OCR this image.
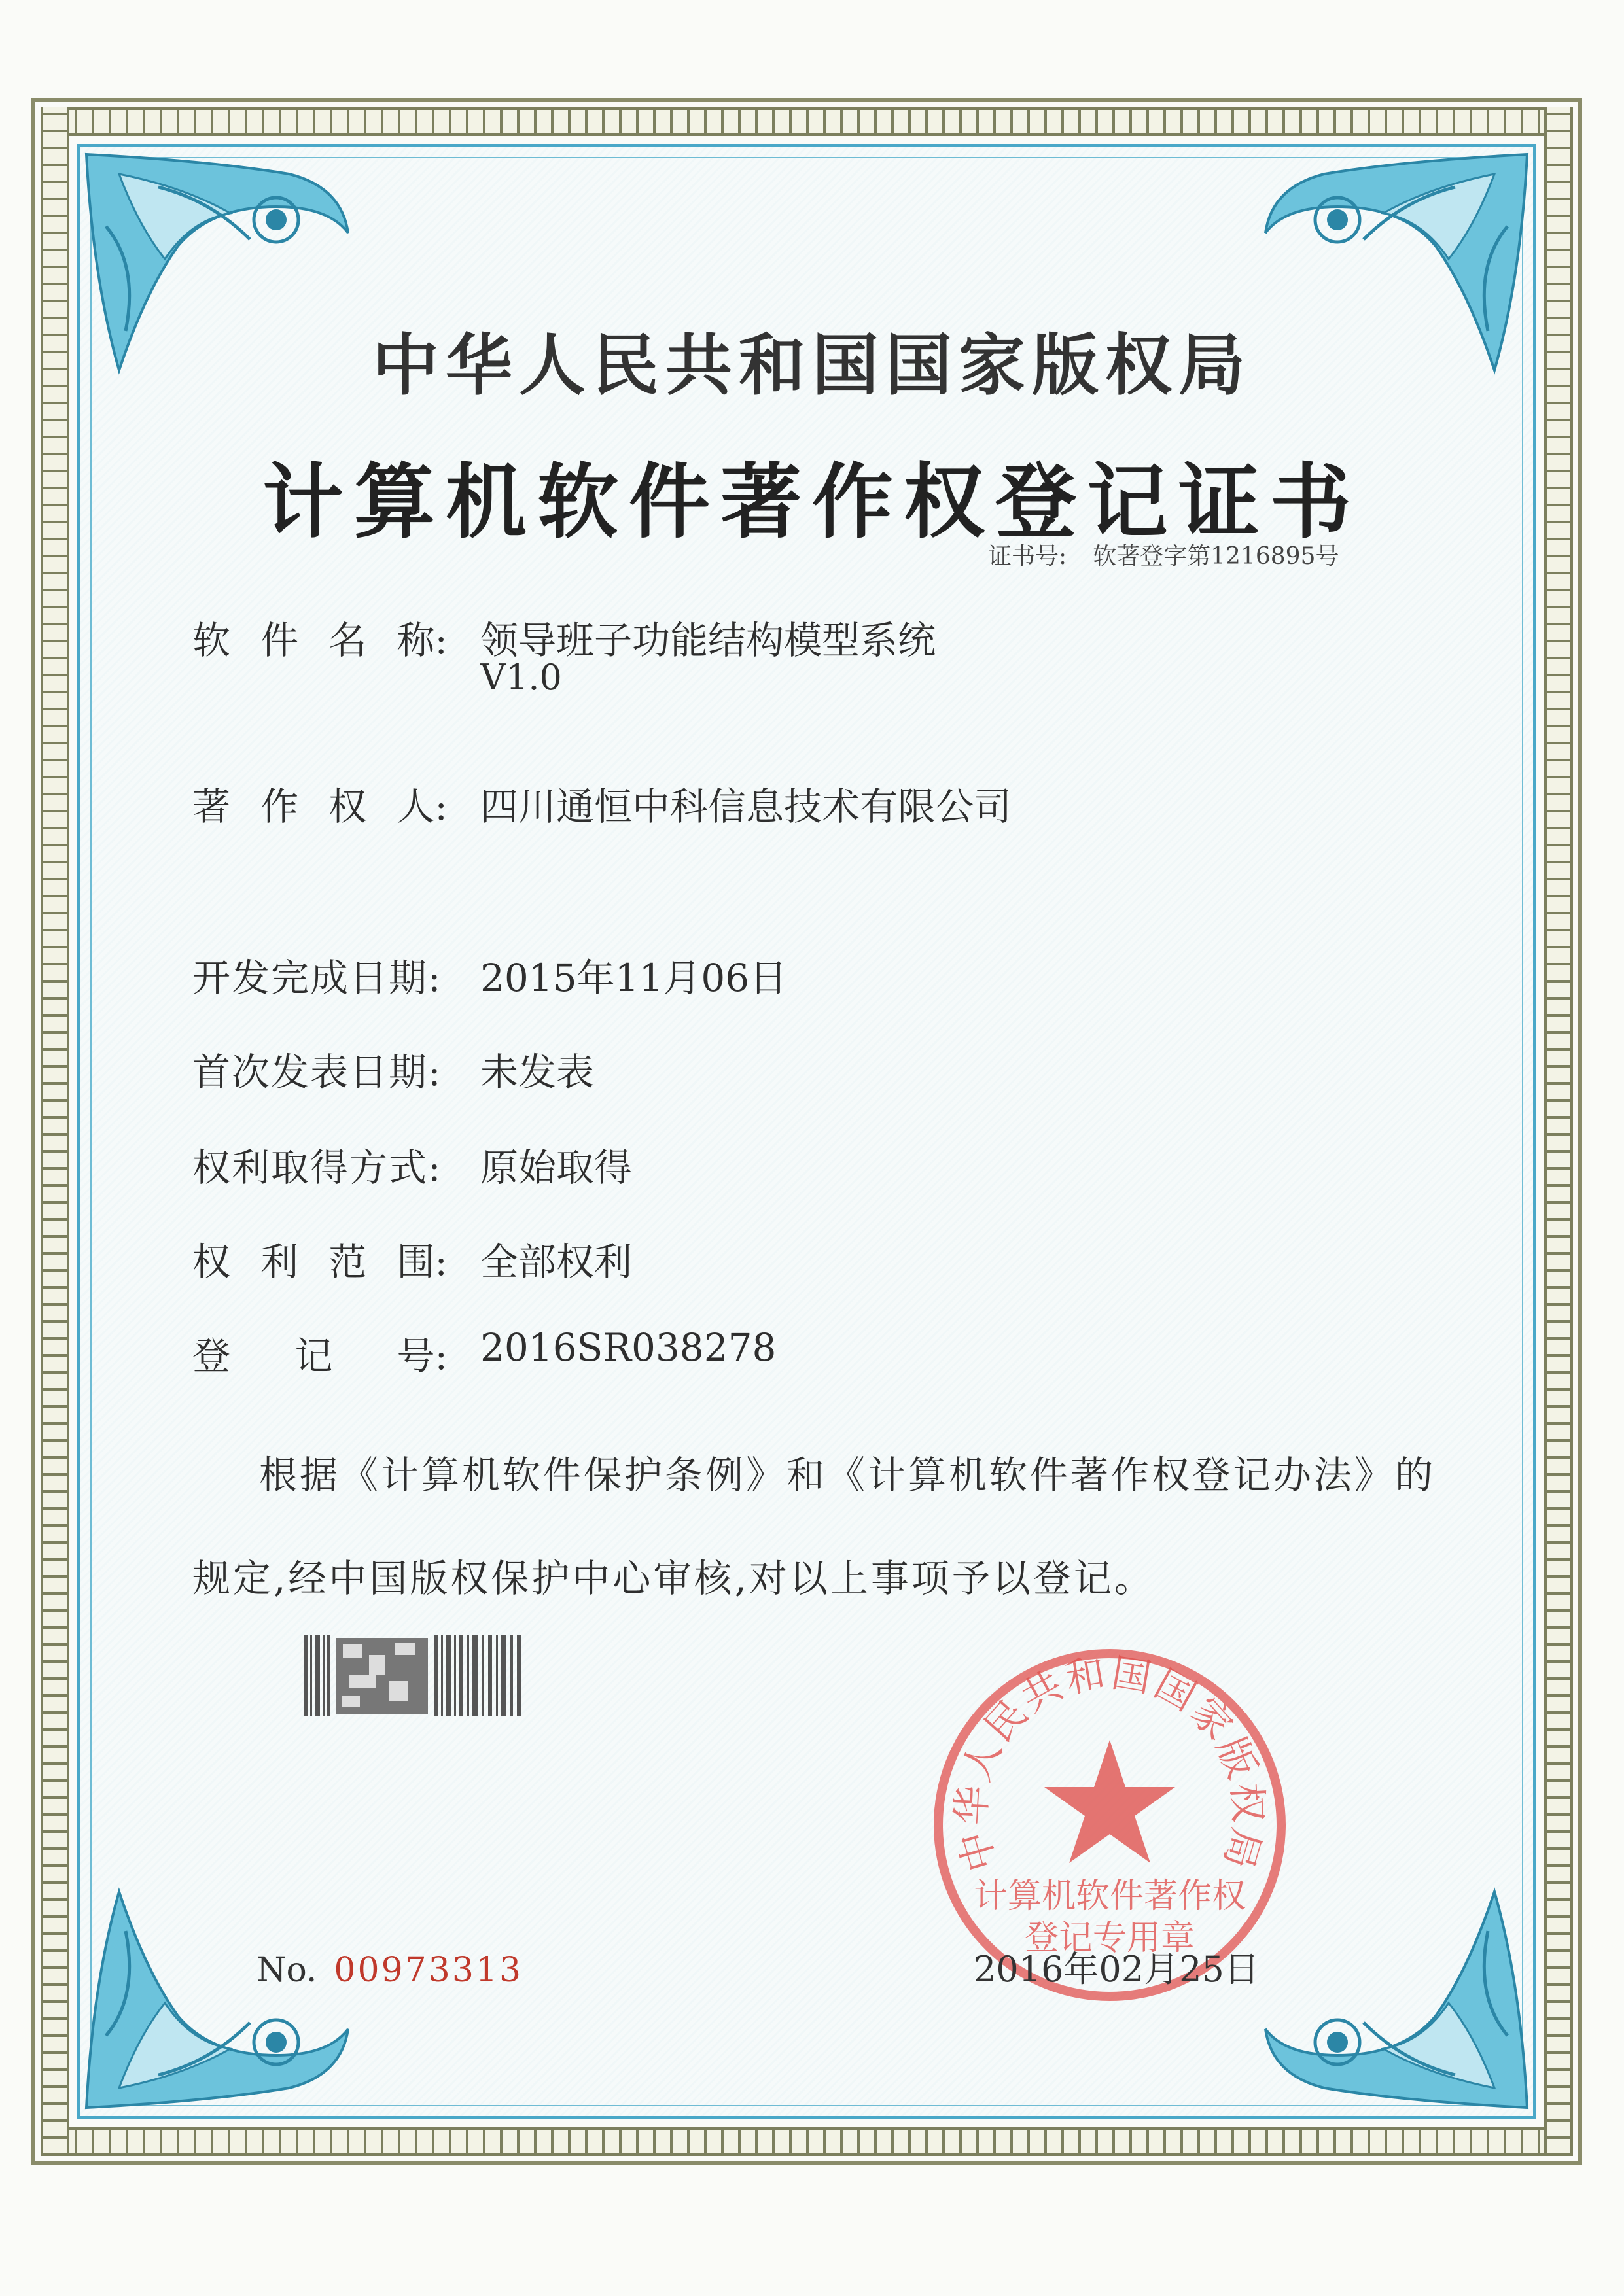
中华人民共和国国家版权局
计算机软件著作权登记证书
证书号: 软著登字第1216895号
软 件 名 称: 领导班子功能结构模型系统
V1.0
著 作 权 人: 四川通恒中科信息技术有限公司
开发完成日期: 2015年11月06日
首次发表日期: 未发表
权利取得方式: 原始取得
权 利 范 围: 全部权利
登 记 号: 2016SR038278
根据《计算机软件保护条例》和《计算机软件著作权登记办法》的
规定,经中国版权保护中心审核,对以上事项予以登记。
中华人民共和国国家版权局
计算机软件著作权
登记专用章
No. 00973313	2016年02月25日
